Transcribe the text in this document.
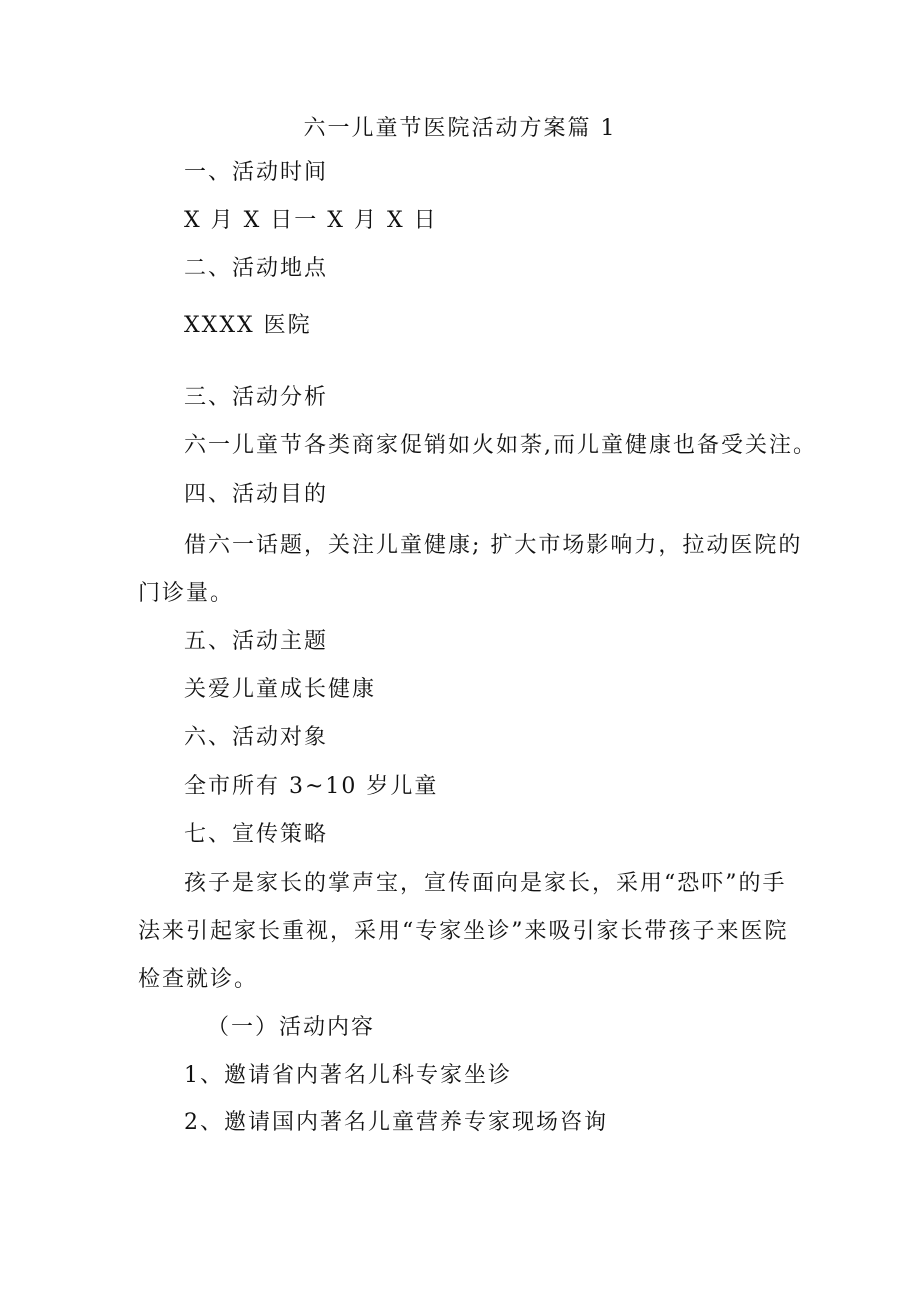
六一儿童节医院活动方案篇 1
一、活动时间
X 月 X 日一 X 月 X 日
二、活动地点
XXXX 医院
三、活动分析
六一儿童节各类商家促销如火如荼,而儿童健康也备受关注。
四、活动目的
借六一话题，关注儿童健康; 扩大市场影响力，拉动医院的
门诊量。
五、活动主题
关爱儿童成长健康
六、活动对象
全市所有 3~10 岁儿童
七、宣传策略
孩子是家长的掌声宝，宣传面向是家长，采用“恐吓”的手
法来引起家长重视，采用“专家坐诊”来吸引家长带孩子来医院
检查就诊。
（一）活动内容
1、邀请省内著名儿科专家坐诊
2、邀请国内著名儿童营养专家现场咨询
